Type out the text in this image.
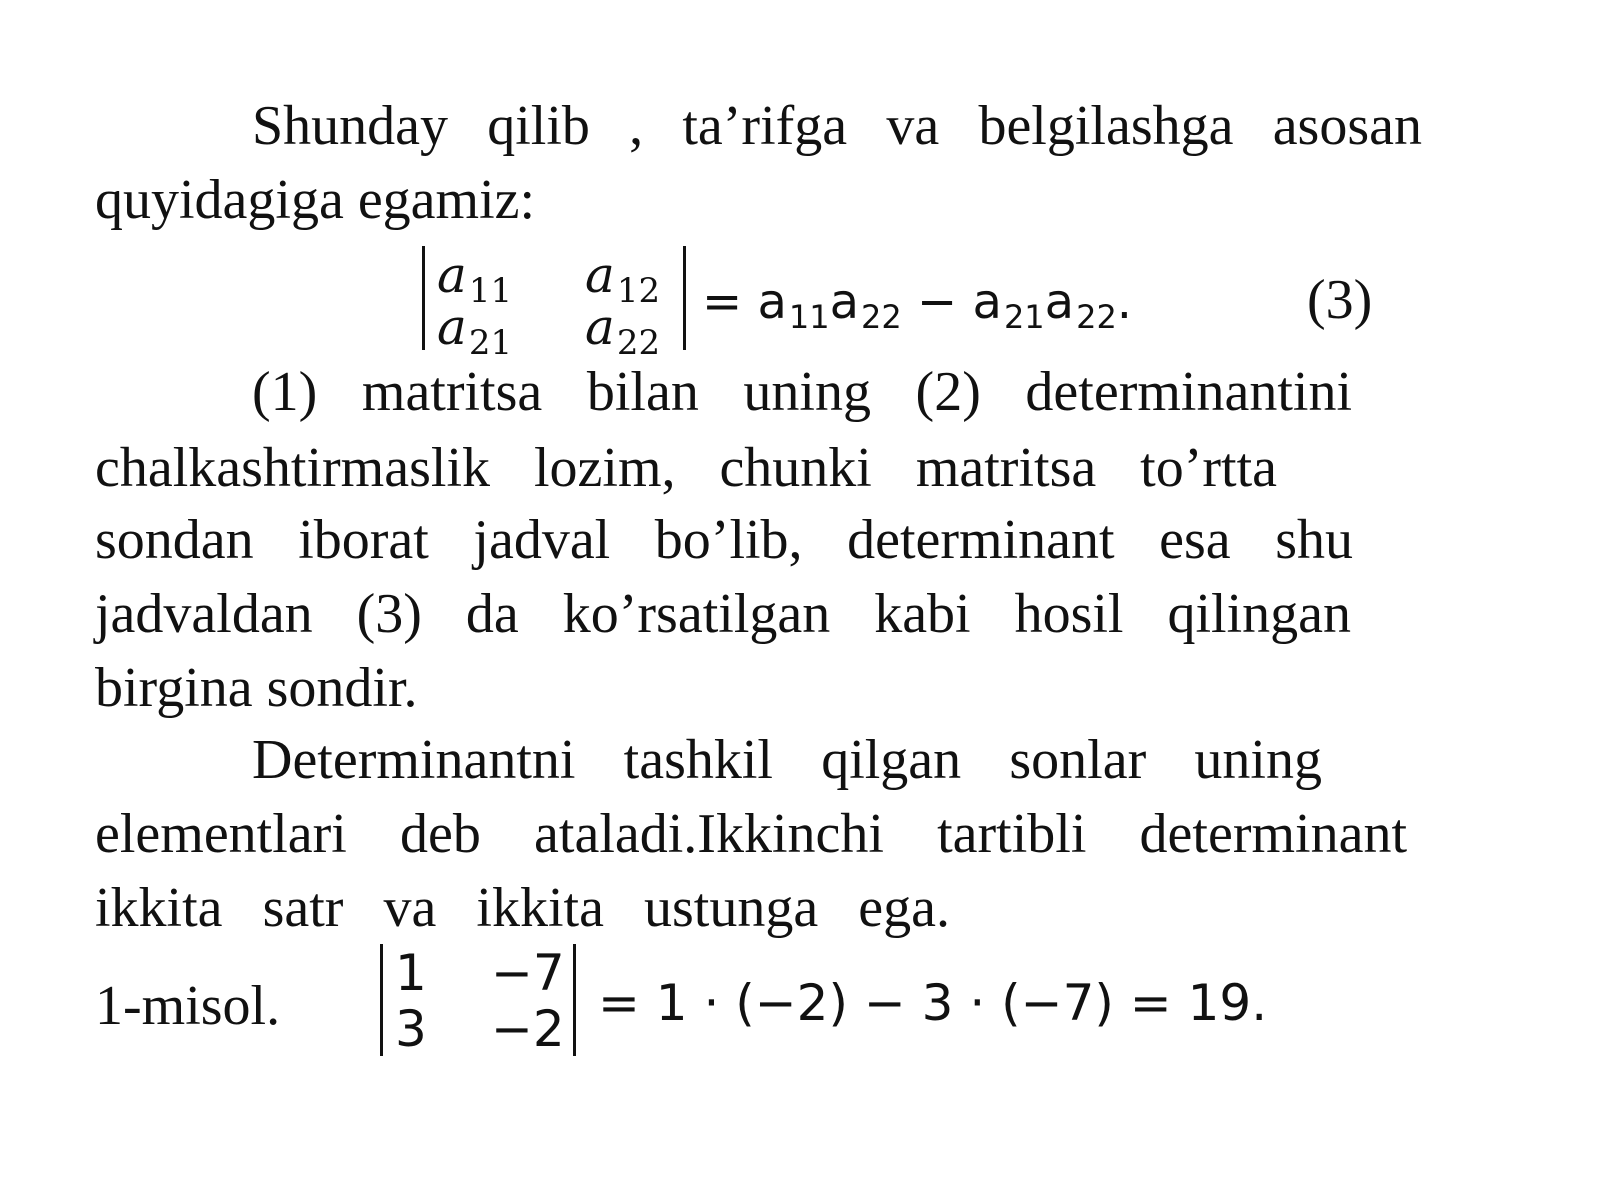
Shunday qilib , ta’rifga va belgilashga asosan
quyidagiga egamiz:
$a_{11}$ $a_{12}$
$a_{21}$ $a_{22}$
= $a_{11}a_{22} - a_{21}a_{22}$.	(3)
(1) matritsa bilan uning (2) determinantini
chalkashtirmaslik lozim, chunki matritsa to’rtta
sondan iborat jadval bo’lib, determinant esa shu
jadvaldan (3) da ko’rsatilgan kabi hosil qilingan
birgina sondir.
Determinantni tashkil qilgan sonlar uning
elementlari deb ataladi.Ikkinchi tartibli determinant
ikkita satr va ikkita ustunga ega.
1-misol.
1 −7
3 −2 = 1 · (−2) − 3 · (−7) = 19.
